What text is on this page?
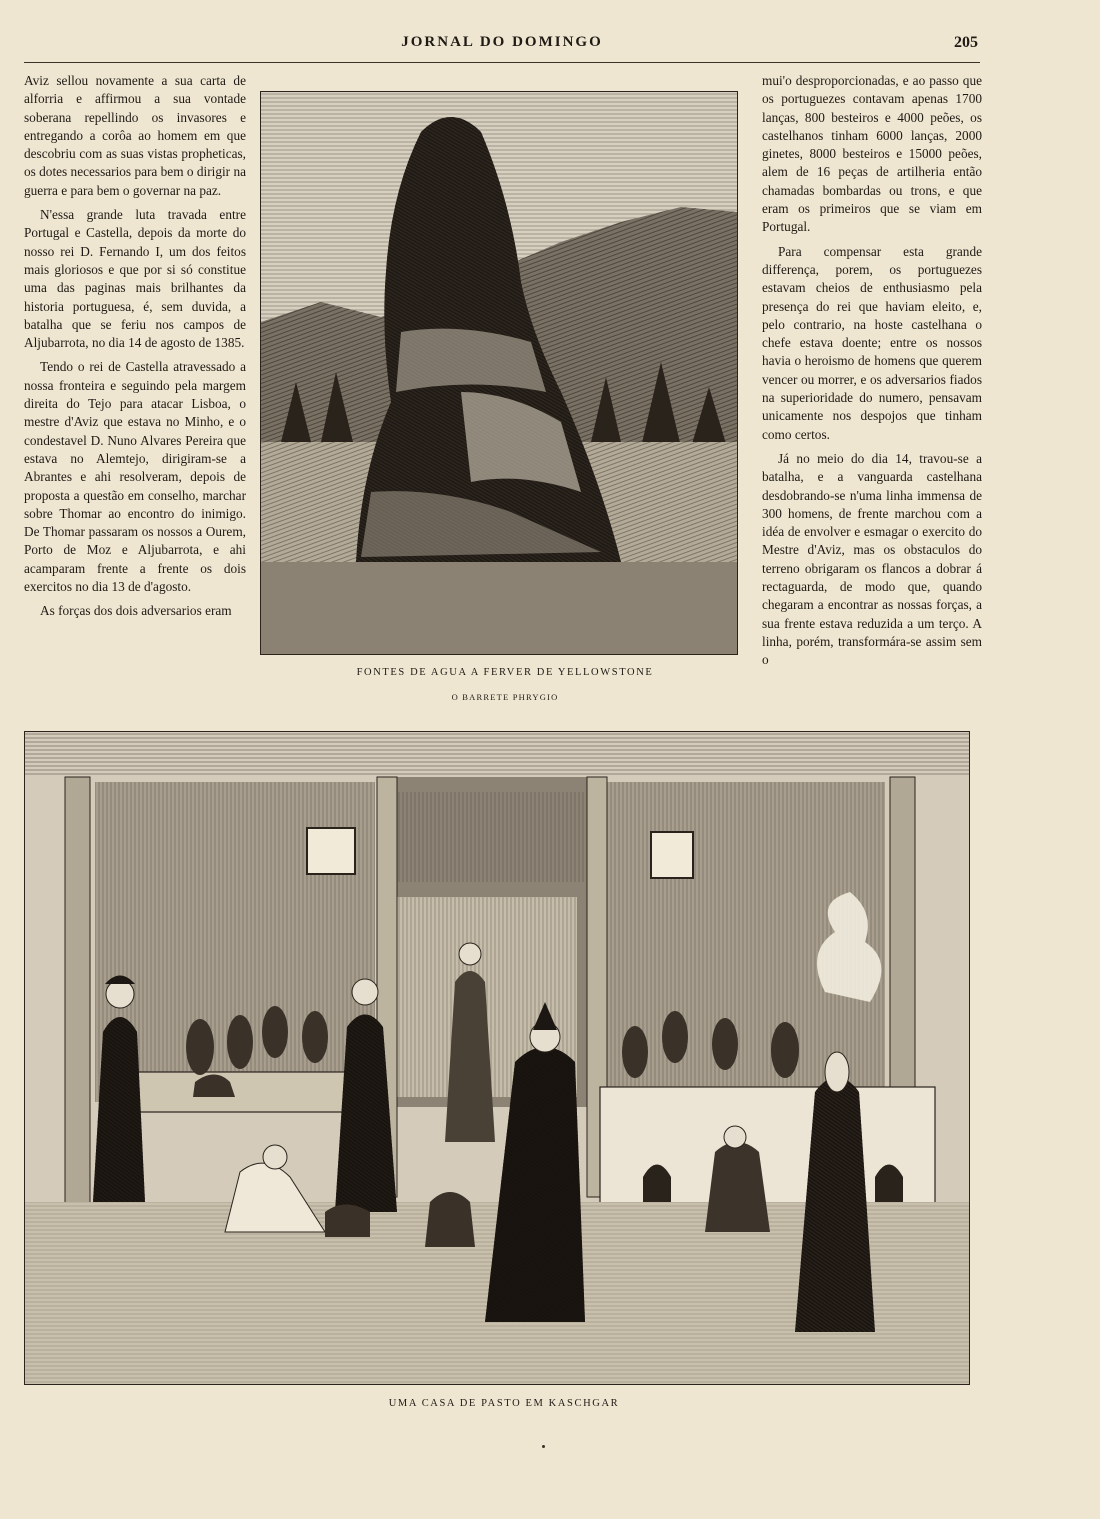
JORNAL DO DOMINGO	205

Aviz sellou novamente a sua carta de alforria e affirmou a sua vontade soberana repellindo os invasores e entregando a corôa ao homem em que descobriu com as suas vistas propheticas, os dotes necessarios para bem o dirigir na guerra e para bem o governar na paz.

N'essa grande luta travada entre Portugal e Castella, depois da morte do nosso rei D. Fernando I, um dos feitos mais gloriosos e que por si só constitue uma das paginas mais brilhantes da historia portuguesa, é, sem duvida, a batalha que se feriu nos campos de Aljubarrota, no dia 14 de agosto de 1385.

Tendo o rei de Castella atravessado a nossa fronteira e seguindo pela margem direita do Tejo para atacar Lisboa, o mestre d'Aviz que estava no Minho, e o condestavel D. Nuno Alvares Pereira que estava no Alemtejo, dirigiram-se a Abrantes e ahi resolveram, depois de proposta a questão em conselho, marchar sobre Thomar ao encontro do inimigo. De Thomar passaram os nossos a Ourem, Porto de Moz e Aljubarrota, e ahi acamparam frente a frente os dois exercitos no dia 13 de d'agosto.

As forças dos dois adversarios eram

mui'o desproporcionadas, e ao passo que os portuguezes contavam apenas 1700 lanças, 800 besteiros e 4000 peões, os castelhanos tinham 6000 lanças, 2000 ginetes, 8000 besteiros e 15000 peões, alem de 16 peças de artilheria então chamadas bombardas ou trons, e que eram os primeiros que se viam em Portugal.

Para compensar esta grande differença, porem, os portuguezes estavam cheios de enthusiasmo pela presença do rei que haviam eleito, e, pelo contrario, na hoste castelhana o chefe estava doente; entre os nossos havia o heroismo de homens que querem vencer ou morrer, e os adversarios fiados na superioridade do numero, pensavam unicamente nos despojos que tinham como certos.

Já no meio do dia 14, travou-se a batalha, e a vanguarda castelhana desdobrando-se n'uma linha immensa de 300 homens, de frente marchou com a idéa de envolver e esmagar o exercito do Mestre d'Aviz, mas os obstaculos do terreno obrigaram os flancos a dobrar á rectaguarda, de modo que, quando chegaram a encontrar as nossas forças, a sua frente estava reduzida a um terço. A linha, porém, transformára-se assim sem o

FONTES DE AGUA A FERVER DE YELLOWSTONE
O BARRETE PHRYGIO
UMA CASA DE PASTO EM KASCHGAR
